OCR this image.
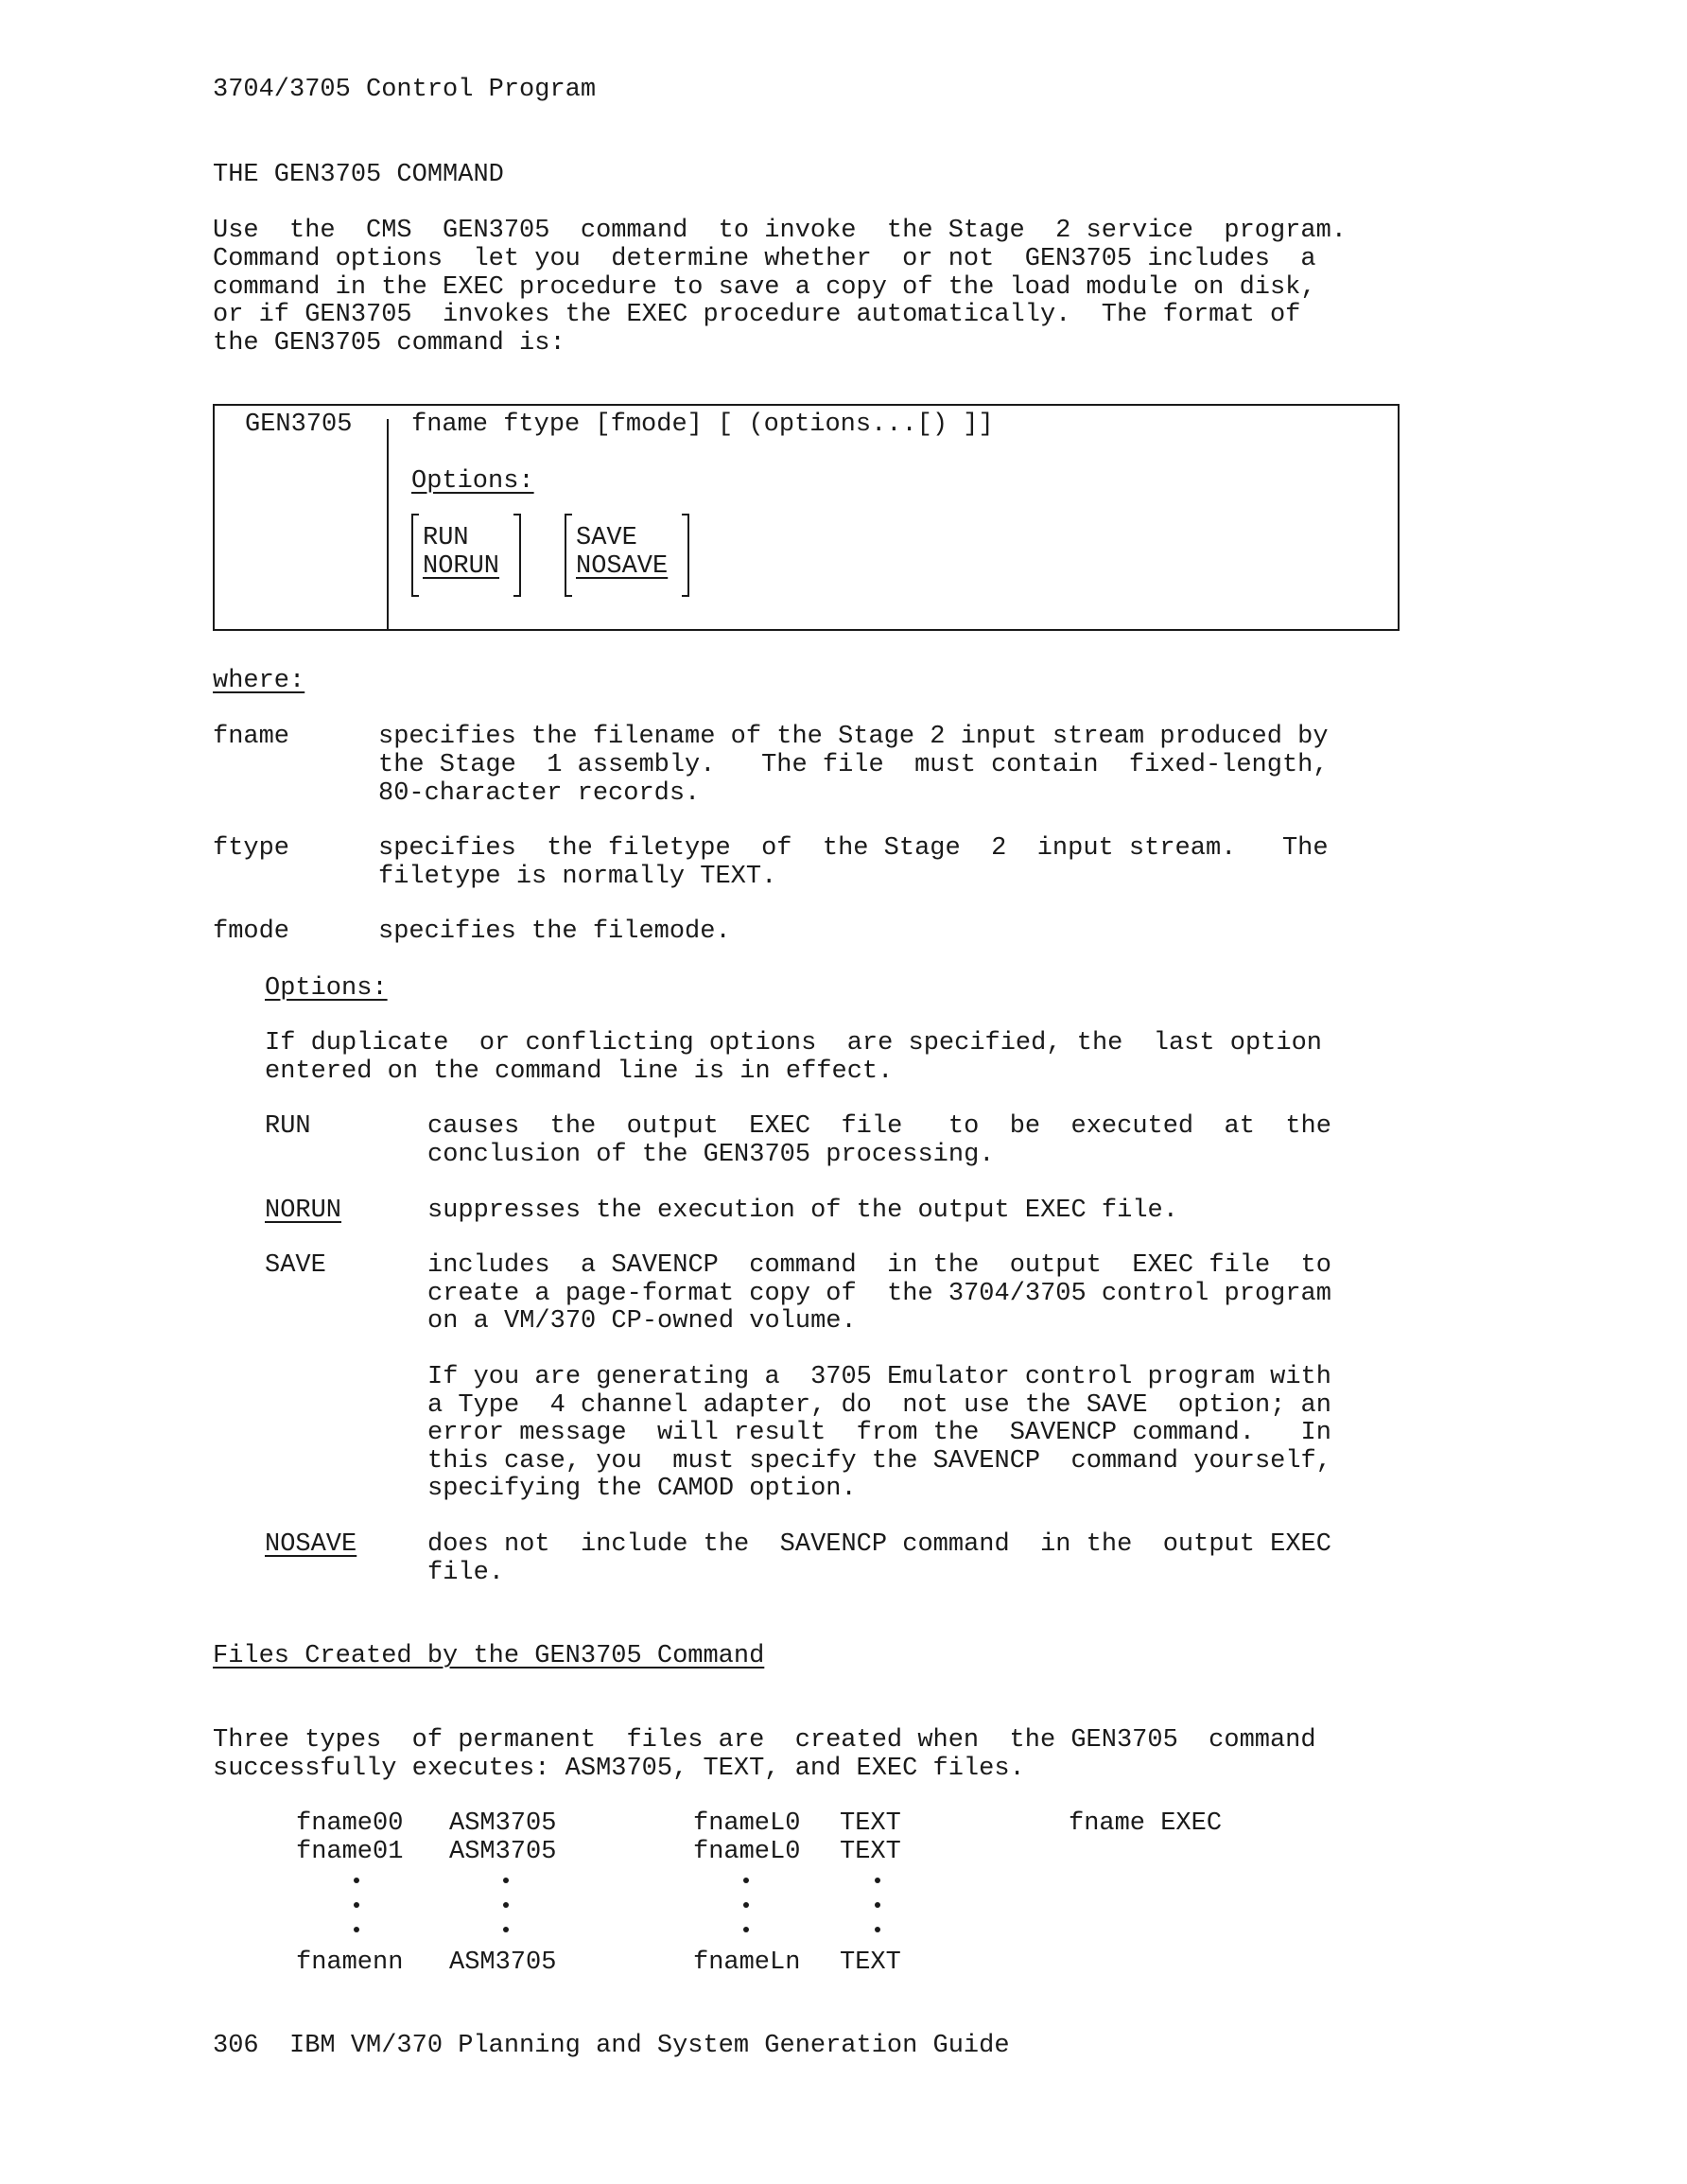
3704/3705 Control Program
THE GEN3705 COMMAND
Use  the  CMS  GEN3705  command  to invoke  the Stage  2 service  program.
Command options  let you  determine whether  or not  GEN3705 includes  a
command in the EXEC procedure to save a copy of the load module on disk,
or if GEN3705  invokes the EXEC procedure automatically.  The format of
the GEN3705 command is:
GEN3705 fname ftype [fmode] [ (options...[) ]]
Options:
RUN
NORUN
SAVE
NOSAVE
where:
fname	specifies the filename of the Stage 2 input stream produced by
the Stage  1 assembly.   The file  must contain  fixed-length,
80-character records.
ftype	specifies  the filetype  of  the Stage  2  input stream.   The
filetype is normally TEXT.
fmode	specifies the filemode.
Options:
If duplicate  or conflicting options  are specified, the  last option
entered on the command line is in effect.
RUN	causes  the  output  EXEC  file   to  be  executed  at  the
conclusion of the GEN3705 processing.
NORUN	suppresses the execution of the output EXEC file.
SAVE	includes  a SAVENCP  command  in the  output  EXEC file  to
create a page-format copy of  the 3704/3705 control program
on a VM/370 CP-owned volume.
If you are generating a  3705 Emulator control program with
a Type  4 channel adapter, do  not use the SAVE  option; an
error message  will result  from the  SAVENCP command.   In
this case, you  must specify the SAVENCP  command yourself,
specifying the CAMOD option.
NOSAVE	does not  include the  SAVENCP command  in the  output EXEC
file.
Files Created by the GEN3705 Command
Three types  of permanent  files are  created when  the GEN3705  command
successfully executes: ASM3705, TEXT, and EXEC files.
fname00 ASM3705	fnameL0 TEXT	fname EXEC
fname01 ASM3705	fnameL0 TEXT
fnamenn ASM3705	fnameLn TEXT
306  IBM VM/370 Planning and System Generation Guide
